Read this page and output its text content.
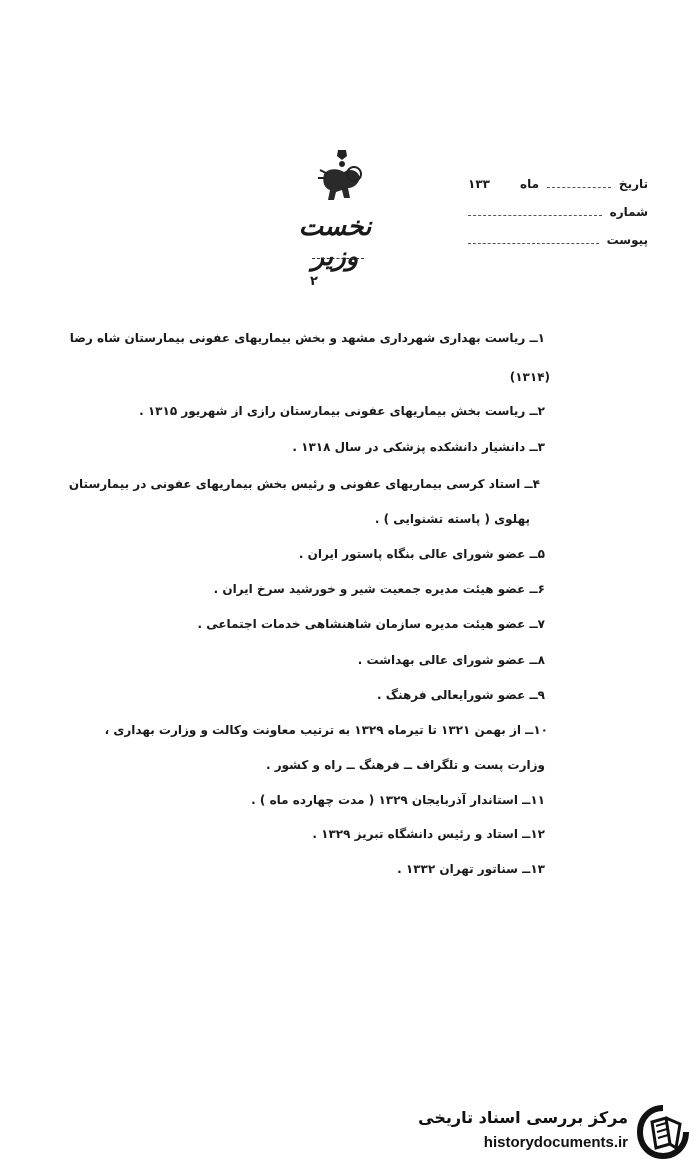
تاریخ
ماه
۱۳۳
شماره
پیوست
نخست وزیر
۲
۱ــ ریاست بهداری شهرداری مشهد و بخش بیماریهای عفونی بیمارستان شاه رضا
(۱۳۱۴)
۲ــ ریاست بخش بیماریهای عفونی بیمارستان رازی از شهریور ۱۳۱۵ .
۳ــ دانشیار دانشکده پزشکی در سال ۱۳۱۸ .
۴ــ استاد کرسی بیماریهای عفونی و رئیس بخش بیماریهای عفونی در بیمارستان
پهلوی ( پاسته تشنوایی ) .
۵ــ عضو شورای عالی بنگاه پاستور ایران .
۶ــ عضو هیئت مدیره جمعیت شیر و خورشید سرخ ایران .
۷ــ عضو هیئت مدیره سازمان شاهنشاهی خدمات اجتماعی .
۸ــ عضو شورای عالی بهداشت .
۹ــ عضو شورایعالی فرهنگ .
۱۰ــ از بهمن ۱۳۲۱ تا تیرماه ۱۳۲۹ به ترتیب معاونت وکالت و وزارت بهداری ،
وزارت پست و تلگراف ــ فرهنگ ــ راه و کشور .
۱۱ــ استاندار آذربایجان ۱۳۲۹ ( مدت چهارده ماه ) .
۱۲ــ استاد و رئیس دانشگاه تبریز ۱۳۲۹ .
۱۳ــ سناتور تهران ۱۳۳۲ .
مرکز بررسی اسناد تاریخی
historydocuments.ir
